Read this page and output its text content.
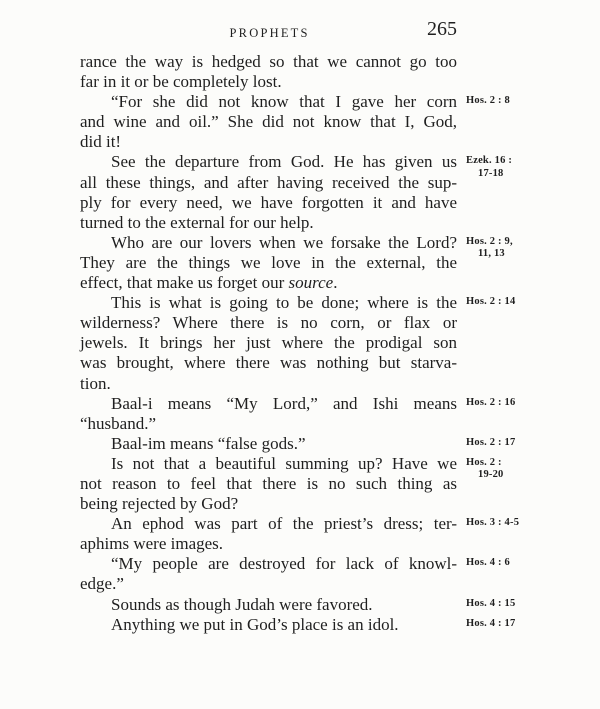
PROPHETS	265
rance the way is hedged so that we cannot go too
far in it or be completely lost.
“For she did not know that I gave her corn
and wine and oil.” She did not know that I, God,
did it!
Hos. 2 : 8
See the departure from God. He has given us
all these things, and after having received the sup-
ply for every need, we have forgotten it and have
turned to the external for our help.
Ezek. 16 :
17-18
Who are our lovers when we forsake the Lord?
They are the things we love in the external, the
effect, that make us forget our source.
Hos. 2 : 9,
11, 13
This is what is going to be done; where is the
wilderness? Where there is no corn, or flax or
jewels. It brings her just where the prodigal son
was brought, where there was nothing but starva-
tion.
Hos. 2 : 14
Baal-i means “My Lord,” and Ishi means
“husband.”
Hos. 2 : 16
Baal-im means “false gods.”	Hos. 2 : 17
Is not that a beautiful summing up? Have we
not reason to feel that there is no such thing as
being rejected by God?
Hos. 2 :
19-20
An ephod was part of the priest’s dress; ter-
aphims were images.
Hos. 3 : 4-5
“My people are destroyed for lack of knowl-
edge.”
Hos. 4 : 6
Sounds as though Judah were favored.	Hos. 4 : 15
Anything we put in God’s place is an idol.	Hos. 4 : 17
